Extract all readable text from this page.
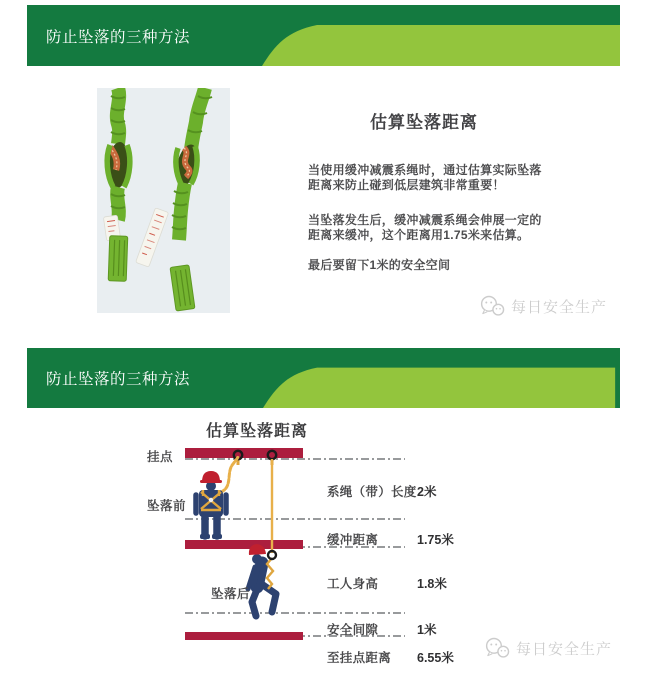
防止坠落的三种方法
估算坠落距离

当使用缓冲减震系绳时，通过估算实际坠落距离来防止碰到低层建筑非常重要！

当坠落发生后，缓冲减震系绳会伸展一定的距离来缓冲，这个距离用1.75米来估算。

最后要留下1米的安全空间

每日安全生产
防止坠落的三种方法
估算坠落距离
挂点
坠落前
坠落后
系绳（带）长度 2米
缓冲距离	1.75米
工人身高	1.8米
安全间隙	1米
至挂点距离 6.55米	每日安全生产
